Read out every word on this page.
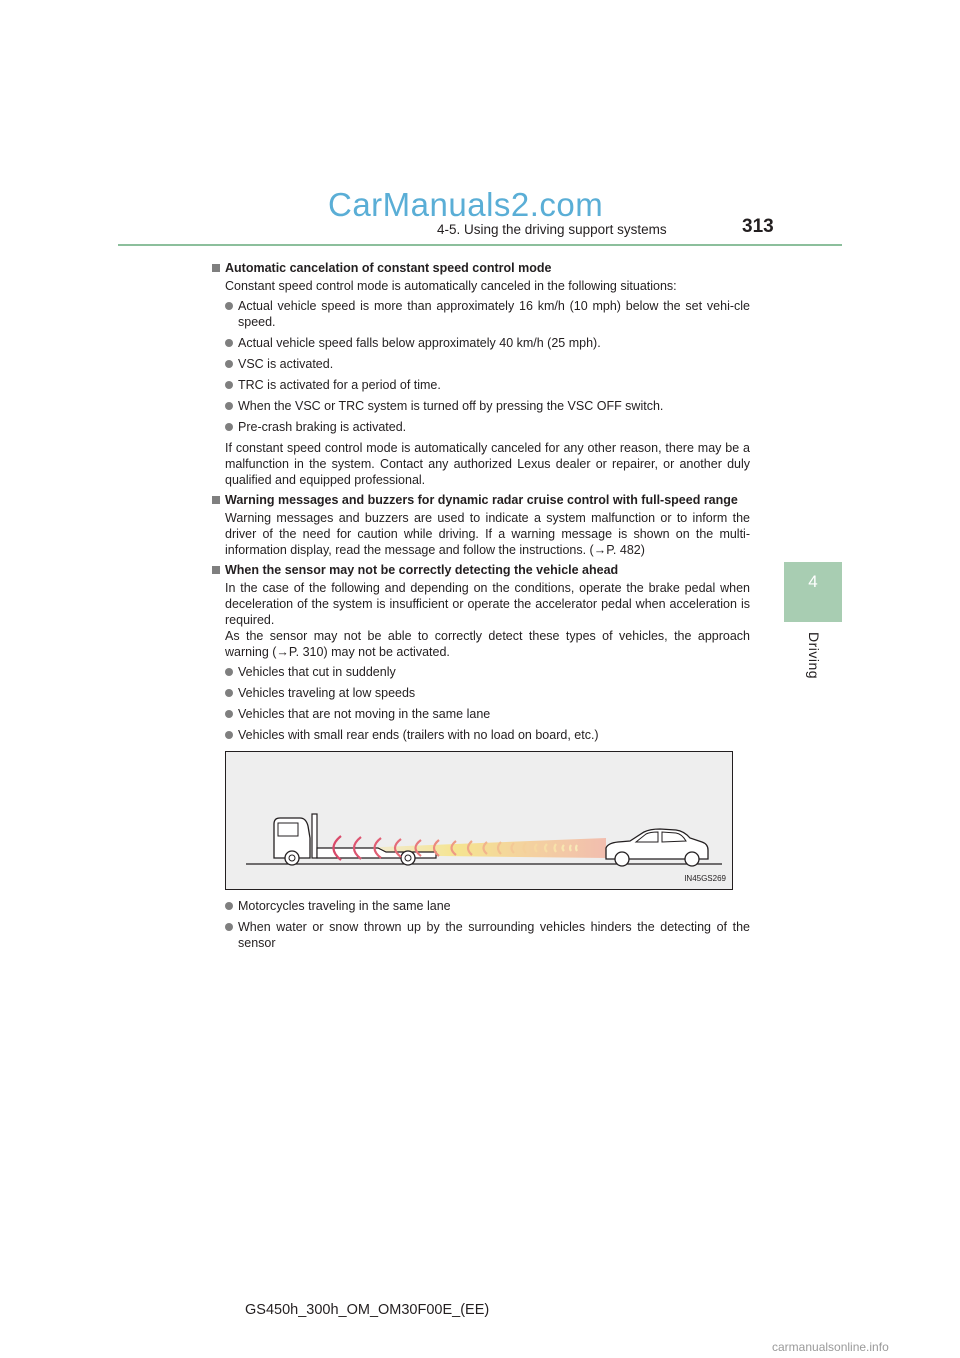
CarManuals2.com
4-5. Using the driving support systems	313
4
Driving
Automatic cancelation of constant speed control mode
Constant speed control mode is automatically canceled in the following situations:
Actual vehicle speed is more than approximately 16 km/h (10 mph) below the set vehi-cle speed.
Actual vehicle speed falls below approximately 40 km/h (25 mph).
VSC is activated.
TRC is activated for a period of time.
When the VSC or TRC system is turned off by pressing the VSC OFF switch.
Pre-crash braking is activated.
If constant speed control mode is automatically canceled for any other reason, there may be a malfunction in the system. Contact any authorized Lexus dealer or repairer, or another duly qualified and equipped professional.
Warning messages and buzzers for dynamic radar cruise control with full-speed range
Warning messages and buzzers are used to indicate a system malfunction or to inform the driver of the need for caution while driving. If a warning message is shown on the multi-information display, read the message and follow the instructions. (→P. 482)
When the sensor may not be correctly detecting the vehicle ahead
In the case of the following and depending on the conditions, operate the brake pedal when deceleration of the system is insufficient or operate the accelerator pedal when acceleration is required.
As the sensor may not be able to correctly detect these types of vehicles, the approach warning (→P. 310) may not be activated.
Vehicles that cut in suddenly
Vehicles traveling at low speeds
Vehicles that are not moving in the same lane
Vehicles with small rear ends (trailers with no load on board, etc.)
IN45GS269
Motorcycles traveling in the same lane
When water or snow thrown up by the surrounding vehicles hinders the detecting of the sensor
GS450h_300h_OM_OM30F00E_(EE)
carmanualsonline.info
